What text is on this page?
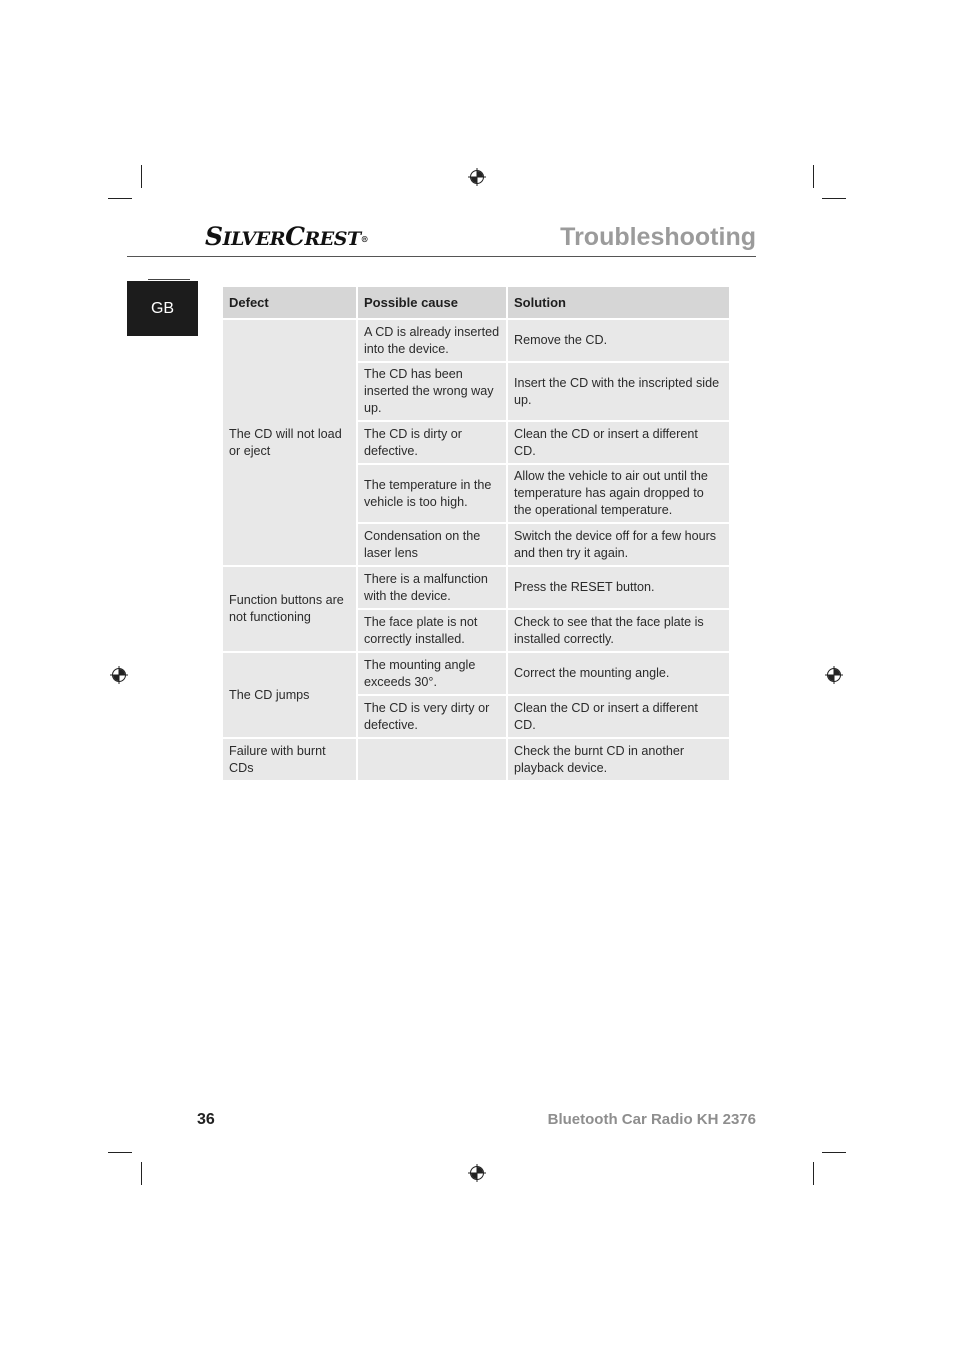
SILVERCREST®	Troubleshooting
GB	Defect	Possible cause	Solution
The CD will not load or eject	A CD is already inserted into the device.	Remove the CD.
	The CD has been inserted the wrong way up.	Insert the CD with the inscripted side up.
	The CD is dirty or defective.	Clean the CD or insert a different CD.
	The temperature in the vehicle is too high.	Allow the vehicle to air out until the temperature has again dropped to the operational temperature.
	Condensation on the laser lens	Switch the device off for a few hours and then try it again.
Function buttons are not functioning	There is a malfunction with the device.	Press the RESET button.
	The face plate is not correctly installed.	Check to see that the face plate is installed correctly.
The CD jumps	The mounting angle exceeds 30°.	Correct the mounting angle.
	The CD is very dirty or defective.	Clean the CD or insert a different CD.
Failure with burnt CDs		Check the burnt CD in another playback device.
36	Bluetooth Car Radio KH 2376
